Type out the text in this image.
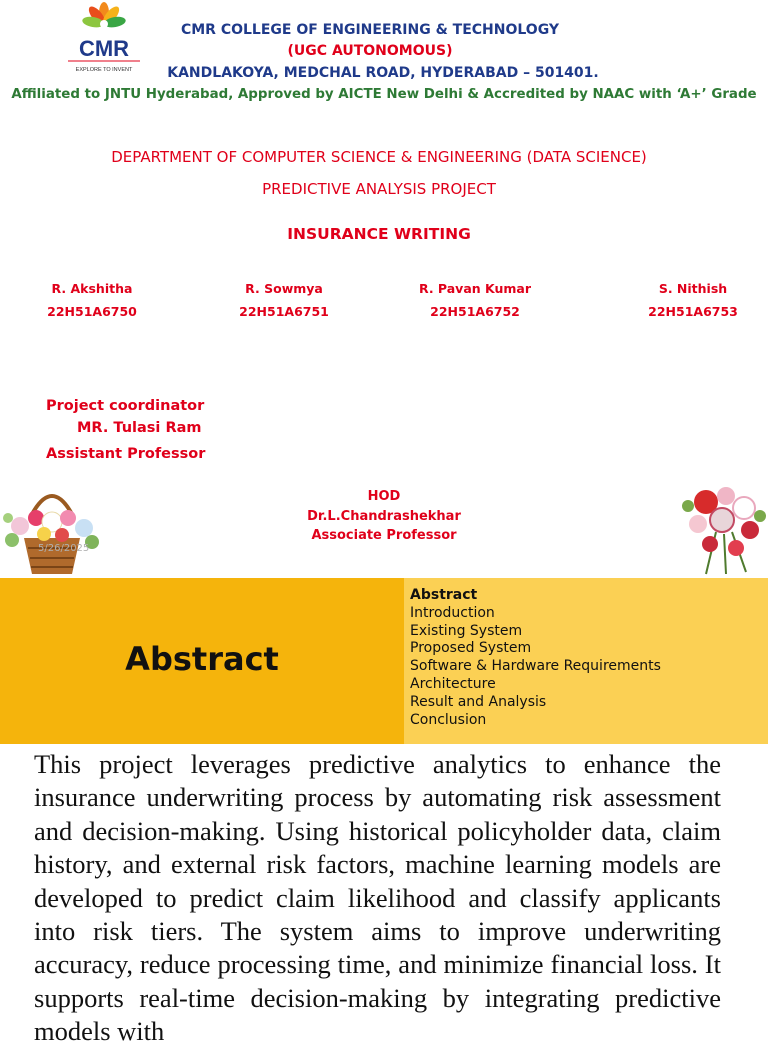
CMR
EXPLORE TO INVENT
CMR COLLEGE OF ENGINEERING & TECHNOLOGY
(UGC AUTONOMOUS)
KANDLAKOYA, MEDCHAL ROAD, HYDERABAD – 501401.
Affiliated to JNTU Hyderabad, Approved by AICTE New Delhi & Accredited by NAAC with ‘A+’ Grade
DEPARTMENT OF COMPUTER SCIENCE & ENGINEERING (DATA SCIENCE)
PREDICTIVE ANALYSIS PROJECT
INSURANCE WRITING
R. Akshitha
22H51A6750
R. Sowmya
22H51A6751
R. Pavan Kumar
22H51A6752
S. Nithish
22H51A6753
Project coordinator
MR. Tulasi Ram
Assistant Professor
HOD
Dr.L.Chandrashekhar
Associate Professor
5/26/2025
Abstract
Abstract
Introduction
Existing System
Proposed System
Software & Hardware Requirements
Architecture
Result and Analysis
Conclusion
This project leverages predictive analytics to enhance the insurance underwriting process by automating risk assessment and decision-making. Using historical policyholder data, claim history, and external risk factors, machine learning models are developed to predict claim likelihood and classify applicants into risk tiers. The system aims to improve underwriting accuracy, reduce processing time, and minimize financial loss. It supports real-time decision-making by integrating predictive models with
